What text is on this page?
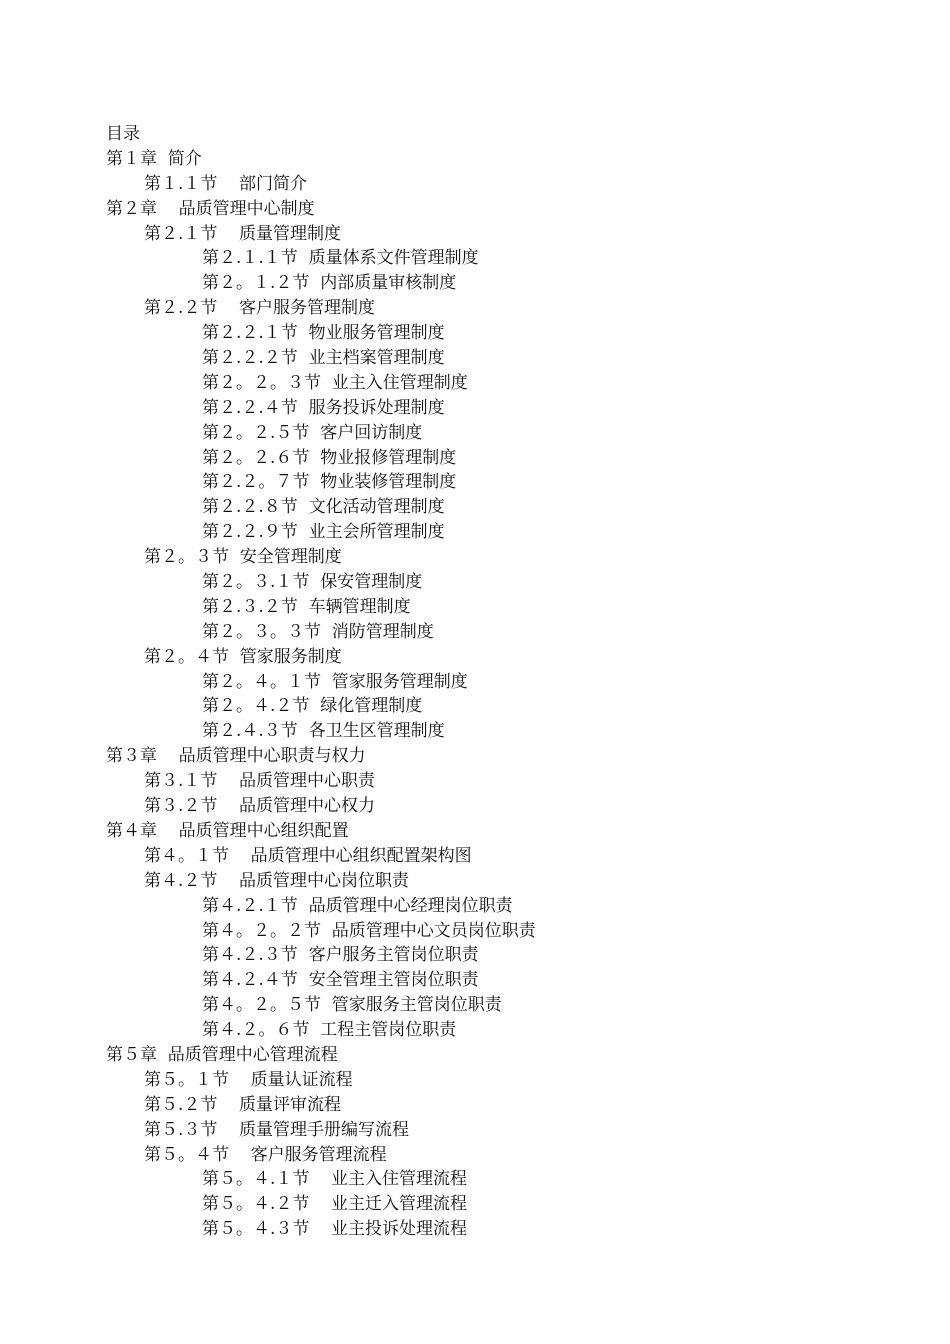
目录
第１章  简介
第１.１节    部门简介
第２章    品质管理中心制度
第２.１节    质量管理制度
第２.１.１节  质量体系文件管理制度
第２。１.２节  内部质量审核制度
第２.２节    客户服务管理制度
第２.２.１节  物业服务管理制度
第２.２.２节  业主档案管理制度
第２。２。３节  业主入住管理制度
第２.２.４节  服务投诉处理制度
第２。２.５节  客户回访制度
第２。２.６节  物业报修管理制度
第２.２。７节  物业装修管理制度
第２.２.８节  文化活动管理制度
第２.２.９节  业主会所管理制度
第２。３节  安全管理制度
第２。３.１节  保安管理制度
第２.３.２节  车辆管理制度
第２。３。３节  消防管理制度
第２。４节  管家服务制度
第２。４。１节  管家服务管理制度
第２。４.２节  绿化管理制度
第２.４.３节  各卫生区管理制度
第３章    品质管理中心职责与权力
第３.１节    品质管理中心职责
第３.２节    品质管理中心权力
第４章    品质管理中心组织配置
第４。１节    品质管理中心组织配置架构图
第４.２节    品质管理中心岗位职责
第４.２.１节  品质管理中心经理岗位职责
第４。２。２节  品质管理中心文员岗位职责
第４.２.３节  客户服务主管岗位职责
第４.２.４节  安全管理主管岗位职责
第４。２。５节  管家服务主管岗位职责
第４.２。６节  工程主管岗位职责
第５章  品质管理中心管理流程
第５。１节    质量认证流程
第５.２节    质量评审流程
第５.３节    质量管理手册编写流程
第５。４节    客户服务管理流程
第５。４.１节    业主入住管理流程
第５。４.２节    业主迁入管理流程
第５。４.３节    业主投诉处理流程
